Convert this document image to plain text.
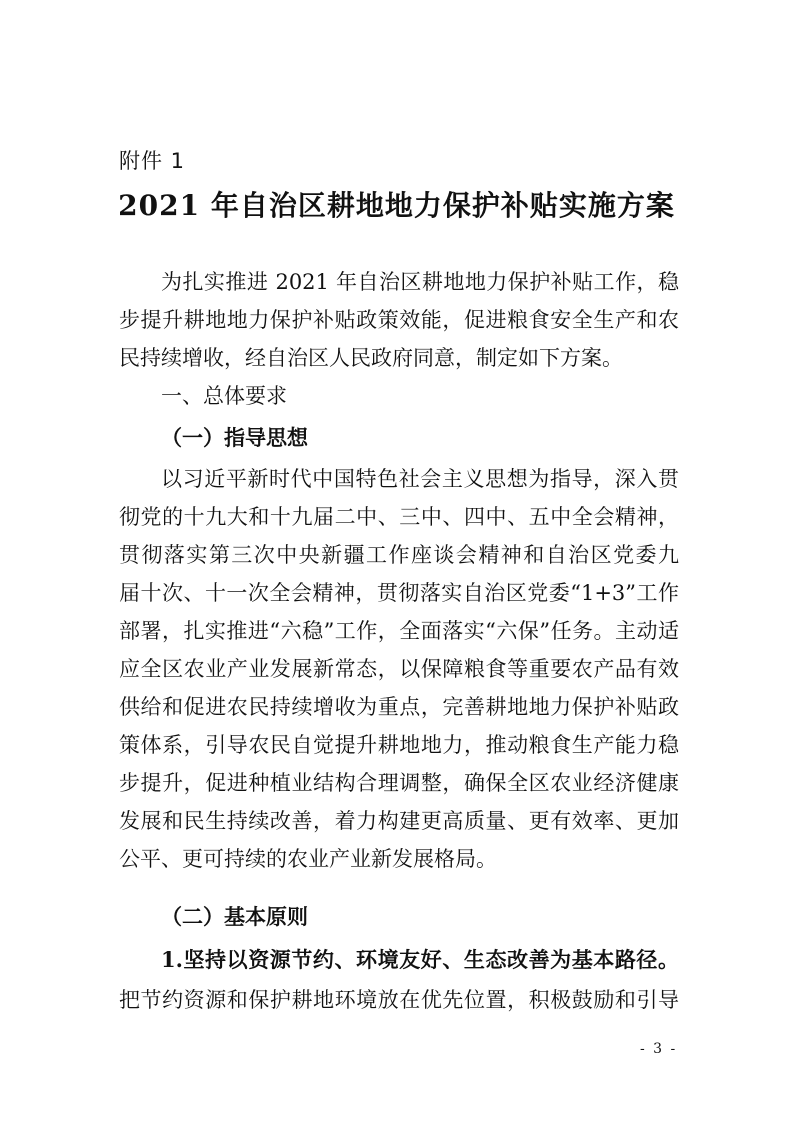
附件 1
2021 年自治区耕地地力保护补贴实施方案
为扎实推进 2021 年自治区耕地地力保护补贴工作，稳
步提升耕地地力保护补贴政策效能，促进粮食安全生产和农
民持续增收，经自治区人民政府同意，制定如下方案。
一、总体要求
（一）指导思想
以习近平新时代中国特色社会主义思想为指导，深入贯
彻党的十九大和十九届二中、三中、四中、五中全会精神，
贯彻落实第三次中央新疆工作座谈会精神和自治区党委九
届十次、十一次全会精神，贯彻落实自治区党委“1+3”工作
部署，扎实推进“六稳”工作，全面落实“六保”任务。主动适
应全区农业产业发展新常态，以保障粮食等重要农产品有效
供给和促进农民持续增收为重点，完善耕地地力保护补贴政
策体系，引导农民自觉提升耕地地力，推动粮食生产能力稳
步提升，促进种植业结构合理调整，确保全区农业经济健康
发展和民生持续改善，着力构建更高质量、更有效率、更加
公平、更可持续的农业产业新发展格局。
（二）基本原则
1.坚持以资源节约、环境友好、生态改善为基本路径。
把节约资源和保护耕地环境放在优先位置，积极鼓励和引导
- 3 -
